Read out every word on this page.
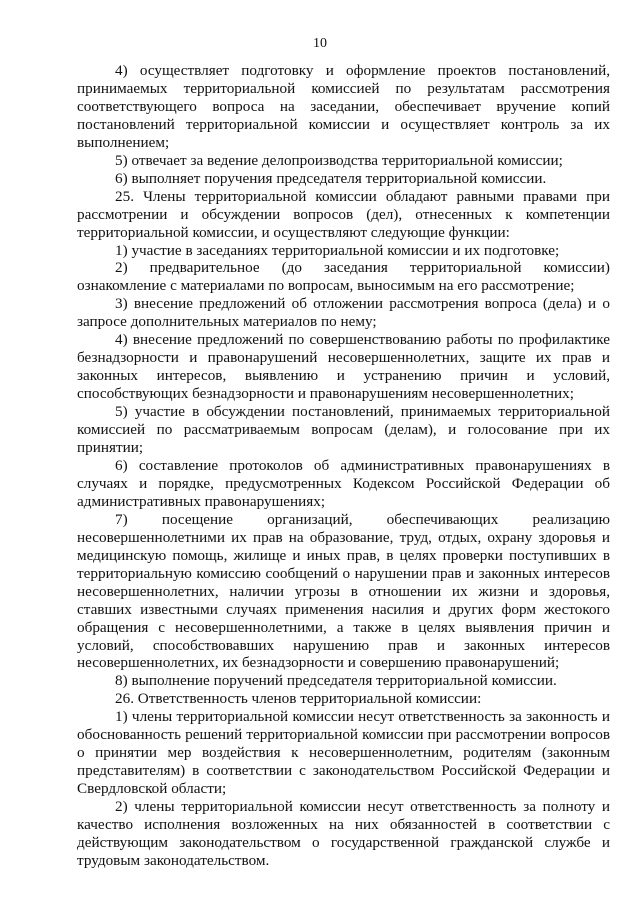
10

4) осуществляет подготовку и оформление проектов постановлений, принимаемых территориальной комиссией по результатам рассмотрения соответствующего вопроса на заседании, обеспечивает вручение копий постановлений территориальной комиссии и осуществляет контроль за их выполнением;

5) отвечает за ведение делопроизводства территориальной комиссии;

6) выполняет поручения председателя территориальной комиссии.

25. Члены территориальной комиссии обладают равными правами при рассмотрении и обсуждении вопросов (дел), отнесенных к компетенции территориальной комиссии, и осуществляют следующие функции:

1) участие в заседаниях территориальной комиссии и их подготовке;

2) предварительное (до заседания территориальной комиссии) ознакомление с материалами по вопросам, выносимым на его рассмотрение;

3) внесение предложений об отложении рассмотрения вопроса (дела) и о запросе дополнительных материалов по нему;

4) внесение предложений по совершенствованию работы по профилактике безнадзорности и правонарушений несовершеннолетних, защите их прав и законных интересов, выявлению и устранению причин и условий, способствующих безнадзорности и правонарушениям несовершеннолетних;

5) участие в обсуждении постановлений, принимаемых территориальной комиссией по рассматриваемым вопросам (делам), и голосование при их принятии;

6) составление протоколов об административных правонарушениях в случаях и порядке, предусмотренных Кодексом Российской Федерации об административных правонарушениях;

7) посещение организаций, обеспечивающих реализацию несовершеннолетними их прав на образование, труд, отдых, охрану здоровья и медицинскую помощь, жилище и иных прав, в целях проверки поступивших в территориальную комиссию сообщений о нарушении прав и законных интересов несовершеннолетних, наличии угрозы в отношении их жизни и здоровья, ставших известными случаях применения насилия и других форм жестокого обращения с несовершеннолетними, а также в целях выявления причин и условий, способствовавших нарушению прав и законных интересов несовершеннолетних, их безнадзорности и совершению правонарушений;

8) выполнение поручений председателя территориальной комиссии.

26. Ответственность членов территориальной комиссии:

1) члены территориальной комиссии несут ответственность за законность и обоснованность решений территориальной комиссии при рассмотрении вопросов о принятии мер воздействия к несовершеннолетним, родителям (законным представителям) в соответствии с законодательством Российской Федерации и Свердловской области;

2) члены территориальной комиссии несут ответственность за полноту и качество исполнения возложенных на них обязанностей в соответствии с действующим законодательством о государственной гражданской службе и трудовым законодательством.
